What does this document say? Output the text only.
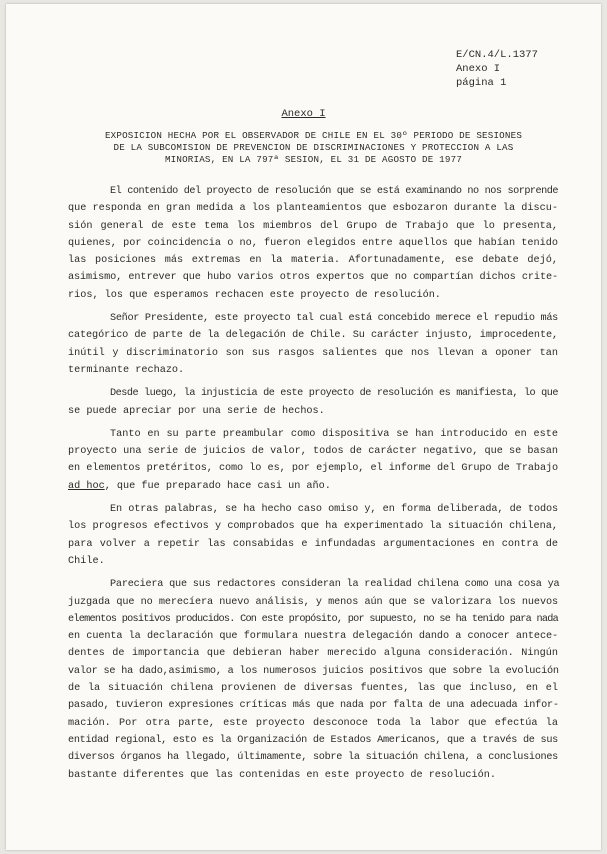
E/CN.4/L.1377
Anexo I
página 1
Anexo I
EXPOSICION HECHA POR EL OBSERVADOR DE CHILE EN EL 30º PERIODO DE SESIONES
DE LA SUBCOMISION DE PREVENCION DE DISCRIMINACIONES Y PROTECCION A LAS
MINORIAS, EN LA 797ª SESION, EL 31 DE AGOSTO DE 1977
El contenido del proyecto de resolución que se está examinando no nos sorprende
que responda en gran medida a los planteamientos que esbozaron durante la discu-
sión general de este tema los miembros del Grupo de Trabajo que lo presenta,
quienes, por coincidencia o no, fueron elegidos entre aquellos que habían tenido
las posiciones más extremas en la materia. Afortunadamente, ese debate dejó,
asimismo, entrever que hubo varios otros expertos que no compartían dichos crite-
rios, los que esperamos rechacen este proyecto de resolución.
Señor Presidente, este proyecto tal cual está concebido merece el repudio más
categórico de parte de la delegación de Chile. Su carácter injusto, improcedente,
inútil y discriminatorio son sus rasgos salientes que nos llevan a oponer tan
terminante rechazo.
Desde luego, la injusticia de este proyecto de resolución es manifiesta, lo que
se puede apreciar por una serie de hechos.
Tanto en su parte preambular como dispositiva se han introducido en este
proyecto una serie de juicios de valor, todos de carácter negativo, que se basan
en elementos pretéritos, como lo es, por ejemplo, el informe del Grupo de Trabajo
ad hoc, que fue preparado hace casi un año.
En otras palabras, se ha hecho caso omiso y, en forma deliberada, de todos
los progresos efectivos y comprobados que ha experimentado la situación chilena,
para volver a repetir las consabidas e infundadas argumentaciones en contra de
Chile.
Pareciera que sus redactores consideran la realidad chilena como una cosa ya
juzgada que no merecíera nuevo análisis, y menos aún que se valorizara los nuevos
elementos positivos producidos. Con este propósito, por supuesto, no se ha tenido para nada
en cuenta la declaración que formulara nuestra delegación dando a conocer antece-
dentes de importancia que debieran haber merecido alguna consideración. Ningún
valor se ha dado,asimismo, a los numerosos juicios positivos que sobre la evolución
de la situación chilena provienen de diversas fuentes, las que incluso, en el
pasado, tuvieron expresiones críticas más que nada por falta de una adecuada infor-
mación. Por otra parte, este proyecto desconoce toda la labor que efectúa la
entidad regional, esto es la Organización de Estados Americanos, que a través de sus
diversos órganos ha llegado, últimamente, sobre la situación chilena, a conclusiones
bastante diferentes que las contenidas en este proyecto de resolución.
